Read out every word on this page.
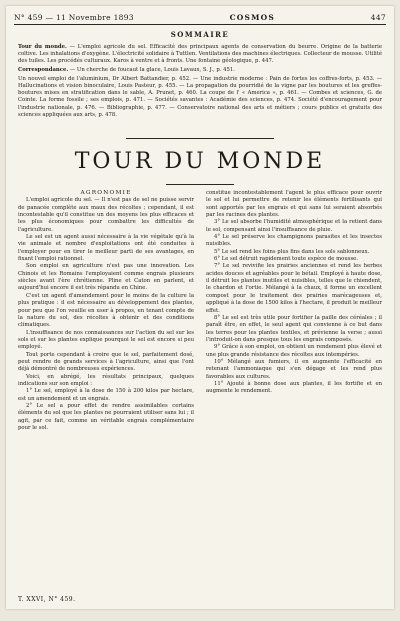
N° 459 — 11 Novembre 1893	COSMOS	447
SOMMAIRE

Tour du monde. — L'emploi agricole du sel. Efficacité des principaux agents de conservation du beurre. Origine de la batterie coltive. Les inhalations d'oxygène. L'électricité solidaire à Tuttlen. Ventilations des machines électriques. Collecteur de mousse. Utilité des tuiles. Les procédés culturaux. Karos à ventre et à fronts. Une fontaine géologique, p. 447.

Correspondance. — Un cherche de foucaut la glace, Louis Lavaux, S. J., p. 451.

Un nouvel emploi de l'aluminium, Dr Albert Battandier, p. 452. — Une industrie moderne : Pain de fortes les coffres-forts, p. 453. — Hallucinations et vision binoculaire, Louis Pasteur, p. 455. — La propagation du pourridié de la vigne par les boutures et les greffes-boutures mises en stratification dans le sable, A. Prunet, p. 460. La coupe de l' « America », p. 461. — Combes et sciences, G. de Cointe. La forme fossile ; ses emplois, p. 471. — Sociétés savantes : Académie des sciences, p. 474. Société d'encouragement pour l'industrie nationale, p. 476. — Bibliographie, p. 477. — Conservatoire national des arts et métiers ; cours publics et gratuits des sciences appliquées aux arts, p. 478.

TOUR DU MONDE

AGRONOMIE

L'emploi agricole du sel. — Il n'est pas de sel ne puisse servir de panacée complète aux maux des récoltes ; cependant, il est incontestable qu'il constitue un des moyens les plus efficaces et les plus économiques pour combattre les difficultés de l'agriculture.

Le sel est un agent aussi nécessaire à la vie végétale qu'à la vie animale et nombre d'exploitations ont été conduites à l'employer pour en tirer le meilleur parti de ses avantages, en fixant l'emploi rationnel.

Son emploi en agriculture n'est pas une innovation. Les Chinois et les Romains l'employaient comme engrais plusieurs siècles avant l'ère chrétienne. Pline et Caton en parlent, et aujourd'hui encore il est très répandu en Chine.

C'est un agent d'amendement pour le moins de la culture la plus pratique : il est nécessaire au développement des plantes, pour peu que l'on veuille en user à propos, en tenant compte de la nature du sol, des récoltes à obtenir et des conditions climatiques.

L'insuffisance de nos connaissances sur l'action du sel sur les sols et sur les plantes explique pourquoi le sel est encore si peu employé.

Tout porte cependant à croire que le sel, parfaitement dosé, peut rendre de grands services à l'agriculture, ainsi que l'ont déjà démontré de nombreuses expériences.

Voici, en abrégé, les résultats principaux, quelques indications sur son emploi :

1° Le sel, employé à la dose de 150 à 200 kilos par hectare, est un amendement et un engrais.

2° Le sel a pour effet de rendre assimilables certains éléments du sol que les plantes ne pourraient utiliser sans lui ; il agit, par ce fait, comme un véritable engrais complémentaire pour le sol.

constitue incontestablement l'agent le plus efficace pour ouvrir le sol et lui permettre de retenir les éléments fertilisants qui sont apportés par les engrais et qui sans lui seraient absorbés par les racines des plantes.

3° Le sel absorbe l'humidité atmosphérique et la retient dans le sol, compensant ainsi l'insuffisance de pluie.

4° Le sel préserve les champignons parasites et les insectes nuisibles.

5° Le sel rend les foins plus fins dans les sols sablonneux.

6° Le sel détruit rapidement toute espèce de mousse.

7° Le sel revivifie les prairies anciennes et rend les herbes acides douces et agréables pour le bétail. Employé à haute dose, il détruit les plantes inutiles et nuisibles, telles que le chiendent, le chardon et l'ortie. Mélangé à la chaux, il forme un excellent compost pour le traitement des prairies marécageuses et, appliqué à la dose de 1500 kilos à l'hectare, il produit le meilleur effet.

8° Le sel est très utile pour fortifier la paille des céréales ; il paraît être, en effet, le seul agent qui convienne à ce but dans les terres pour les plantes textiles, et prévienne la verse ; aussi l'introduit-on dans presque tous les engrais composés.

9° Grâce à son emploi, on obtient un rendement plus élevé et une plus grande résistance des récoltes aux intempéries.

10° Mélangé aux fumiers, il en augmente l'efficacité en retenant l'ammoniaque qui s'en dégage et les rend plus favorables aux cultures.

11° Ajouté à bonne dose aux plantes, il les fortifie et en augmente le rendement.

T. XXVI, N° 459.
